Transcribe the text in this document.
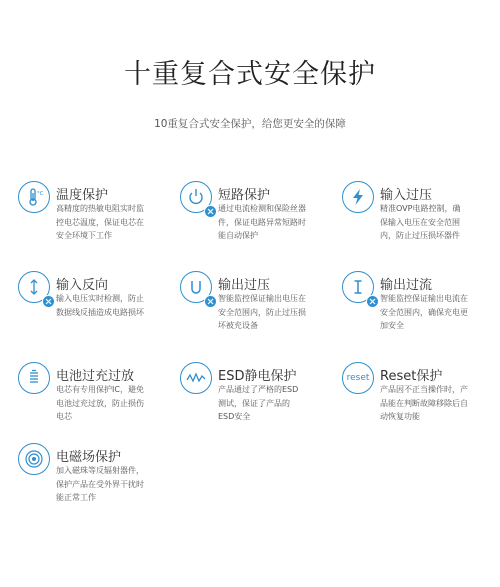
十重复合式安全保护
10重复合式安全保护，给您更安全的保障
°C 温度保护
高精度的热敏电阻实时监
控电芯温度，保证电芯在
安全环境下工作
短路保护
通过电流检测和保险丝器
件，保证电路异常短路时
能自动保护
输入过压
精准OVP电路控制，确
保输入电压在安全范围
内，防止过压损坏器件
输入反向
输入电压实时检测，防止
数据线反插造成电路损坏
输出过压
智能监控保证输出电压在
安全范围内，防止过压损
坏被充设备
输出过流
智能监控保证输出电流在
安全范围内，确保充电更
加安全
电池过充过放
电芯有专用保护IC，避免
电池过充过放，防止损伤
电芯
ESD静电保护
产品通过了严格的ESD
测试，保证了产品的
ESD安全
reset Reset保护
产品因不正当操作时，产
品能在判断故障移除后自
动恢复功能
电磁场保护
加入磁珠等反辐射器件，
保护产品在受外界干扰时
能正常工作
